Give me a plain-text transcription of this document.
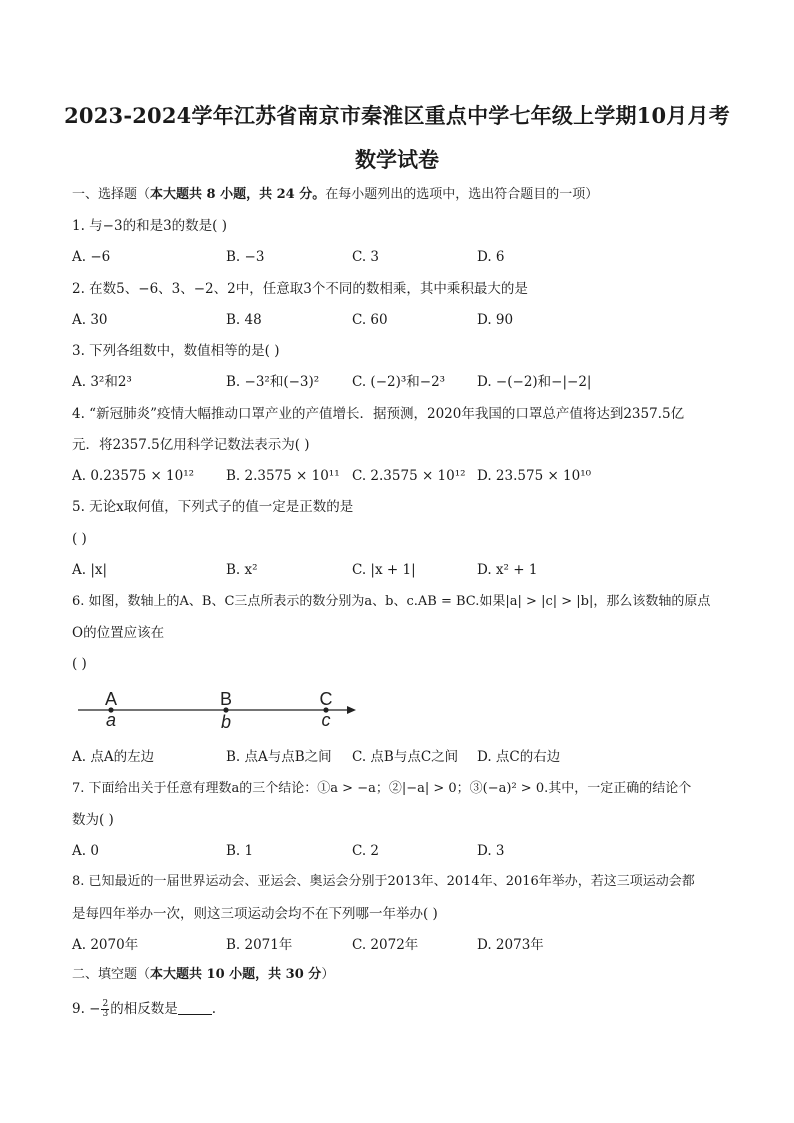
2023-2024学年江苏省南京市秦淮区重点中学七年级上学期10月月考
数学试卷
一、选择题（本大题共 8 小题，共 24 分。在每小题列出的选项中，选出符合题目的一项）
1. 与−3的和是3的数是( )
A. −6	B. −3	C. 3	D. 6
2. 在数5、−6、3、−2、2中，任意取3个不同的数相乘，其中乘积最大的是
A. 30	B. 48	C. 60	D. 90
3. 下列各组数中，数值相等的是( )
A. 3²和2³	B. −3²和(−3)² C. (−2)³和−2³ D. −(−2)和−|−2|
4. “新冠肺炎”疫情大幅推动口罩产业的产值增长．据预测，2020年我国的口罩总产值将达到2357.5亿
元．将2357.5亿用科学记数法表示为( )
A. 0.23575 × 10¹² B. 2.3575 × 10¹¹ C. 2.3575 × 10¹² D. 23.575 × 10¹⁰
5. 无论x取何值，下列式子的值一定是正数的是
( )
A. |x|	B. x²	C. |x + 1|	D. x² + 1
6. 如图，数轴上的A、B、C三点所表示的数分别为a、b、c.AB = BC.如果|a| > |c| > |b|，那么该数轴的原点
O的位置应该在
( )
A	B	C
a	b	c
A. 点A的左边	B. 点A与点B之间 C. 点B与点C之间 D. 点C的右边
7. 下面给出关于任意有理数a的三个结论：①a > −a；②|−a| > 0；③(−a)² > 0.其中，一定正确的结论个
数为( )
A. 0	B. 1	C. 2	D. 3
8. 已知最近的一届世界运动会、亚运会、奥运会分别于2013年、2014年、2016年举办，若这三项运动会都
是每四年举办一次，则这三项运动会均不在下列哪一年举办( )
A. 2070年	B. 2071年	C. 2072年	D. 2073年
二、填空题（本大题共 10 小题，共 30 分）
9. − $\frac{2}{3}$ 的相反数是	.
